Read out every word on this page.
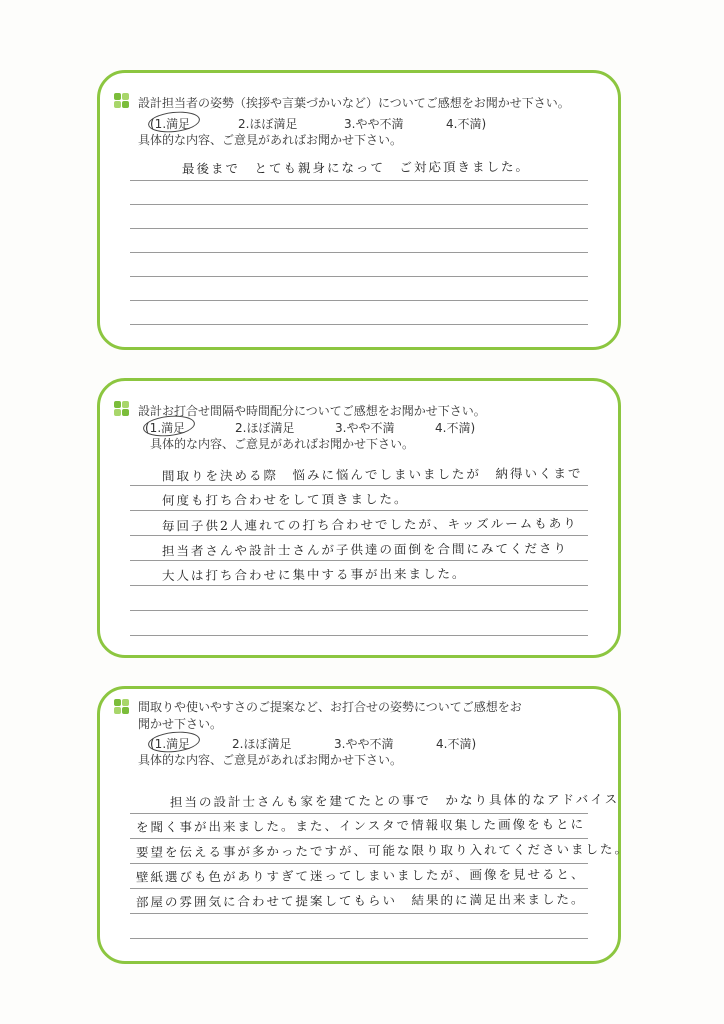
設計担当者の姿勢（挨拶や言葉づかいなど）についてご感想をお聞かせ下さい。
(1.満足	2.ほぼ満足	3.やや不満	4.不満)
具体的な内容、ご意見があればお聞かせ下さい。
最後まで　とても親身になって　ご対応頂きました。
設計お打合せ間隔や時間配分についてご感想をお聞かせ下さい。
(1.満足	2.ほぼ満足	3.やや不満	4.不満)
具体的な内容、ご意見があればお聞かせ下さい。
間取りを決める際　悩みに悩んでしまいましたが　納得いくまで
何度も打ち合わせをして頂きました。
毎回子供2人連れての打ち合わせでしたが、キッズルームもあり
担当者さんや設計士さんが子供達の面倒を合間にみてくださり
大人は打ち合わせに集中する事が出来ました。
間取りや使いやすさのご提案など、お打合せの姿勢についてご感想をお
聞かせ下さい。
(1.満足	2.ほぼ満足	3.やや不満	4.不満)
具体的な内容、ご意見があればお聞かせ下さい。
担当の設計士さんも家を建てたとの事で　かなり具体的なアドバイス
を聞く事が出来ました。また、インスタで情報収集した画像をもとに
要望を伝える事が多かったですが、可能な限り取り入れてくださいました。
壁紙選びも色がありすぎて迷ってしまいましたが、画像を見せると、
部屋の雰囲気に合わせて提案してもらい　結果的に満足出来ました。
